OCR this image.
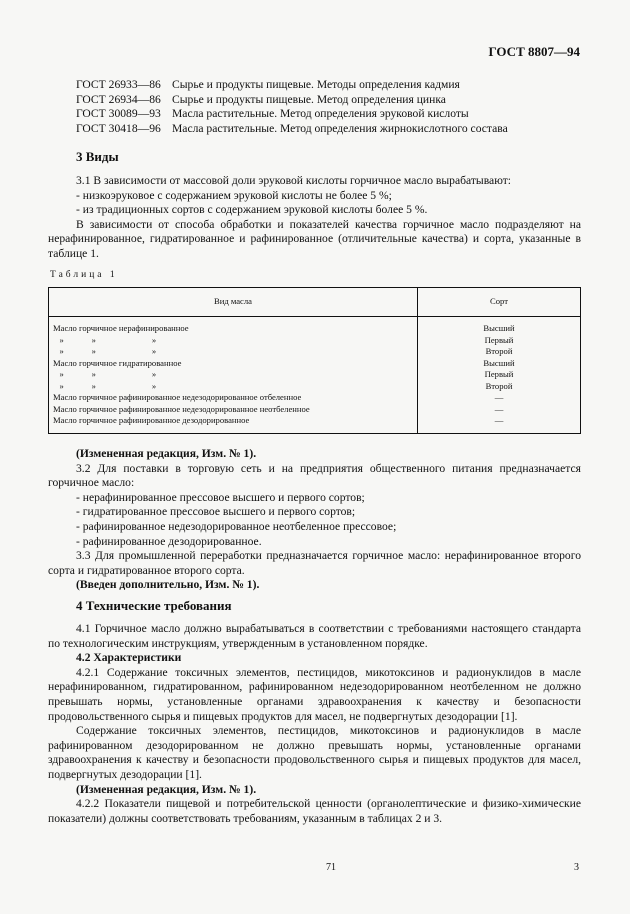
ГОСТ 8807—94
ГОСТ 26933—86 Сырье и продукты пищевые. Методы определения кадмия
ГОСТ 26934—86 Сырье и продукты пищевые. Метод определения цинка
ГОСТ 30089—93 Масла растительные. Метод определения эруковой кислоты
ГОСТ 30418—96 Масла растительные. Метод определения жирнокислотного состава
3 Виды

3.1 В зависимости от массовой доли эруковой кислоты горчичное масло вырабатывают:

- низкоэруковое с содержанием эруковой кислоты не более 5 %;

- из традиционных сортов с содержанием эруковой кислоты более 5 %.

В зависимости от способа обработки и показателей качества горчичное масло подразделяют на нерафинированное, гидратированное и рафинированное (отличительные качества) и сорта, указанные в таблице 1.

Таблица 1
Вид масла	Сорт
Масло горчичное нерафинированное	Высший
»             »                          »	Первый
»             »                          »	Второй
Масло горчичное гидратированное	Высший
»             »                          »	Первый
»             »                          »	Второй
Масло горчичное рафинированное недезодорированное отбеленное	—
Масло горчичное рафинированное недезодорированное неотбеленное	—
Масло горчичное рафинированное дезодорированное	—

(Измененная редакция, Изм. № 1).

3.2 Для поставки в торговую сеть и на предприятия общественного питания предназначается горчичное масло:

- нерафинированное прессовое высшего и первого сортов;

- гидратированное прессовое высшего и первого сортов;

- рафинированное недезодорированное неотбеленное прессовое;

- рафинированное дезодорированное.

3.3 Для промышленной переработки предназначается горчичное масло: нерафинированное второго сорта и гидратированное второго сорта.

(Введен дополнительно, Изм. № 1).

4 Технические требования

4.1 Горчичное масло должно вырабатываться в соответствии с требованиями настоящего стандарта по технологическим инструкциям, утвержденным в установленном порядке.

4.2 Характеристики

4.2.1 Содержание токсичных элементов, пестицидов, микотоксинов и радионуклидов в масле нерафинированном, гидратированном, рафинированном недезодорированном неотбеленном не должно превышать нормы, установленные органами здравоохранения к качеству и безопасности продовольственного сырья и пищевых продуктов для масел, не подвергнутых дезодорации [1].

Содержание токсичных элементов, пестицидов, микотоксинов и радионуклидов в масле рафинированном дезодорированном не должно превышать нормы, установленные органами здравоохранения к качеству и безопасности продовольственного сырья и пищевых продуктов для масел, подвергнутых дезодорации [1].

(Измененная редакция, Изм. № 1).

4.2.2 Показатели пищевой и потребительской ценности (органолептические и физико-химические показатели) должны соответствовать требованиям, указанным в таблицах 2 и 3.

71	3
